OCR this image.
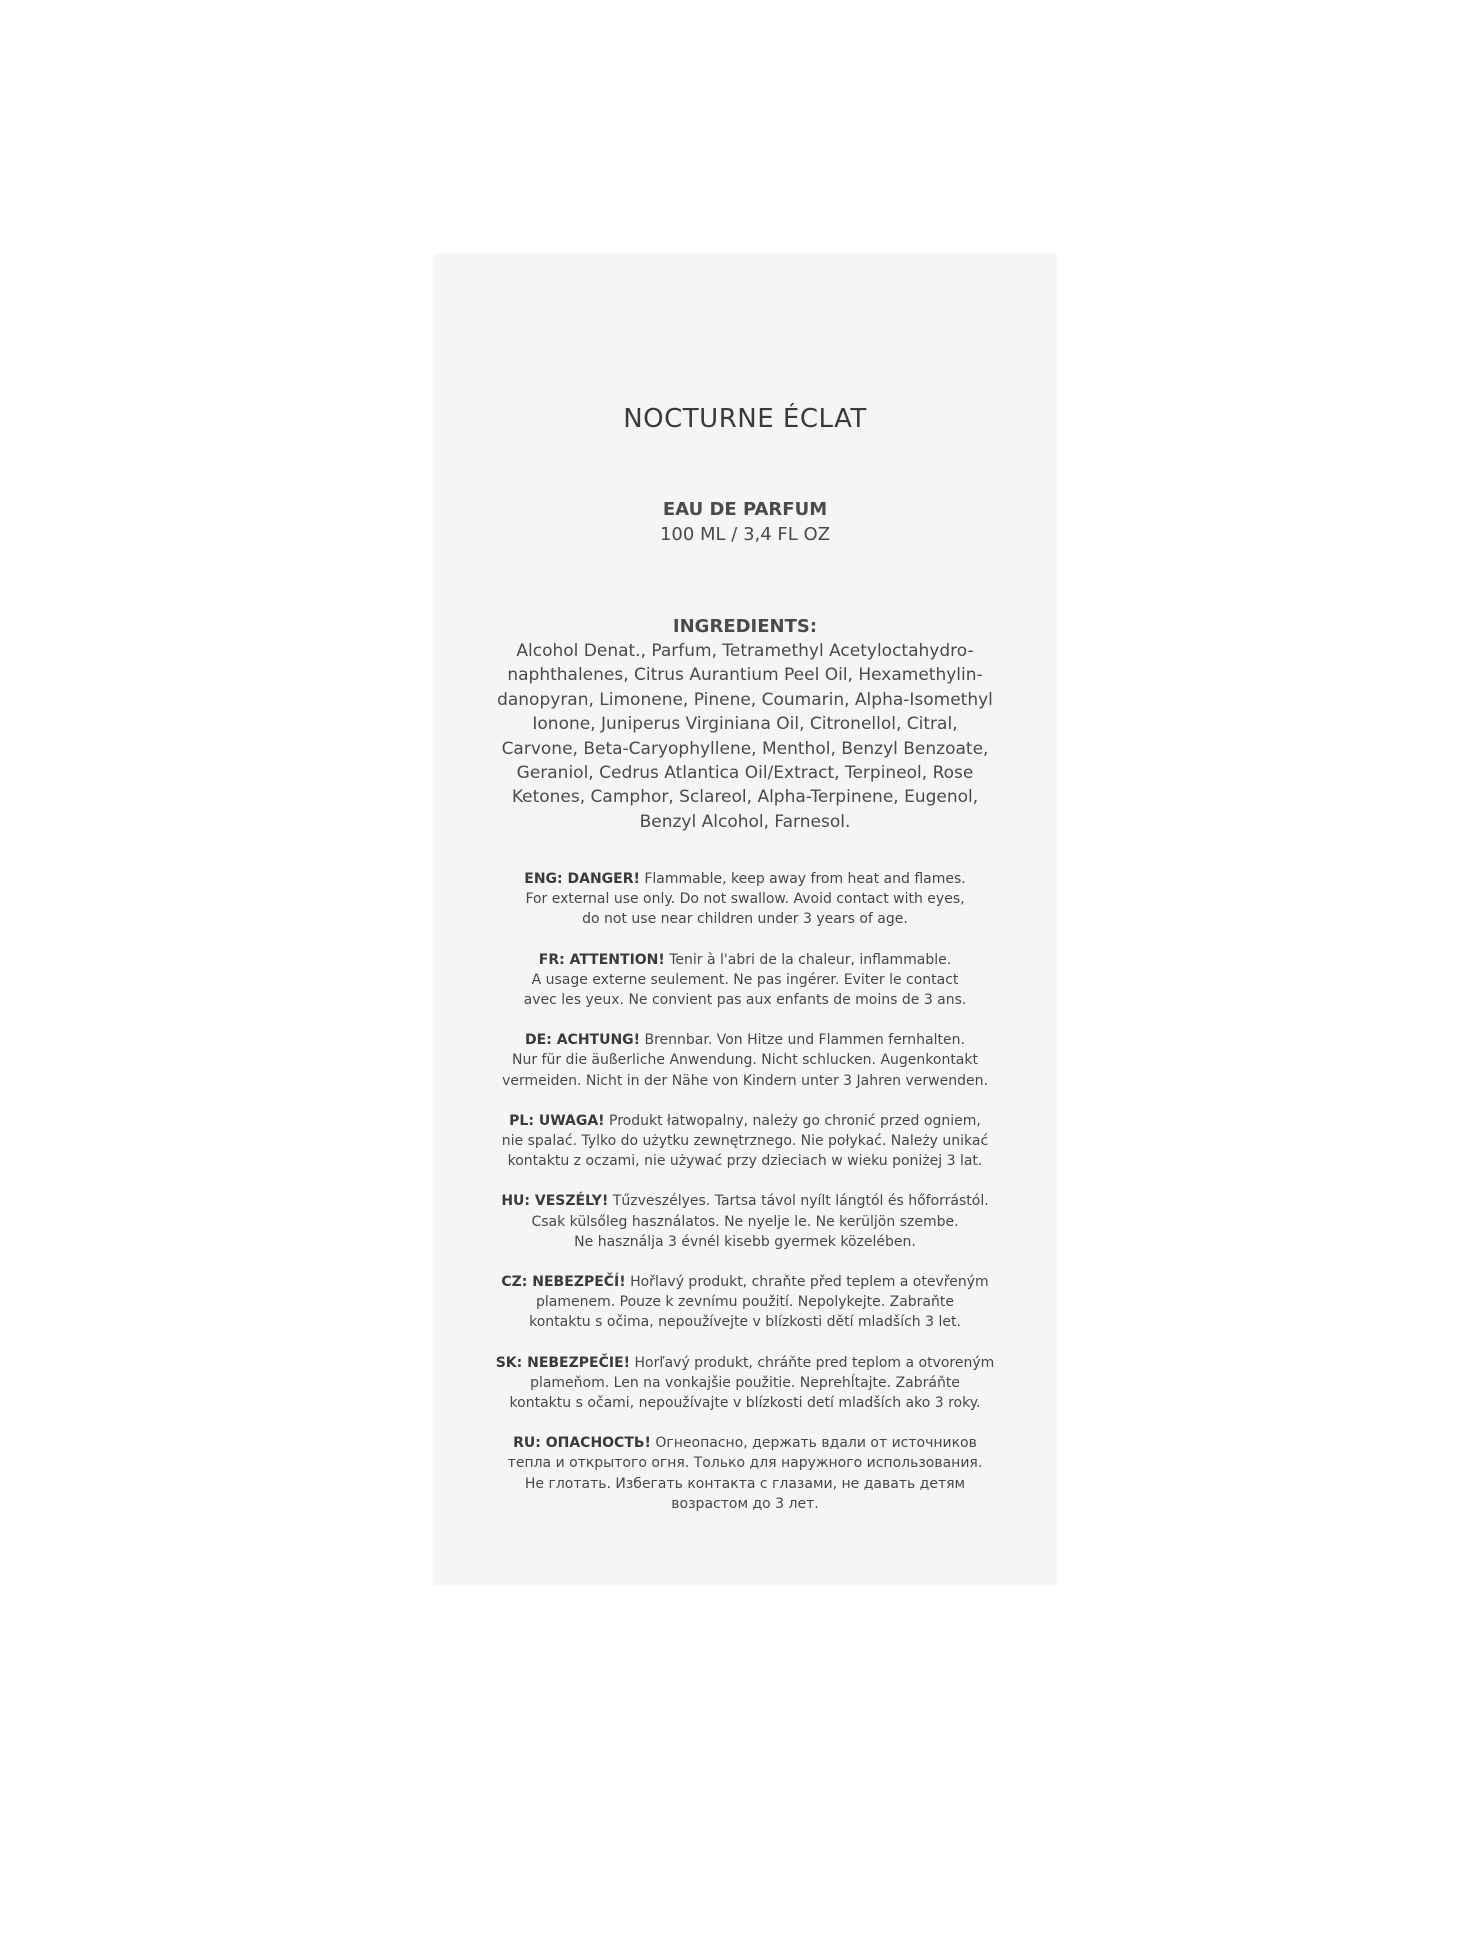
NOCTURNE ÉCLAT
EAU DE PARFUM
100 ML / 3,4 FL OZ
INGREDIENTS:
Alcohol Denat., Parfum, Tetramethyl Acetyloctahydro-
naphthalenes, Citrus Aurantium Peel Oil, Hexamethylin-
danopyran, Limonene, Pinene, Coumarin, Alpha-Isomethyl
Ionone, Juniperus Virginiana Oil, Citronellol, Citral,
Carvone, Beta-Caryophyllene, Menthol, Benzyl Benzoate,
Geraniol, Cedrus Atlantica Oil/Extract, Terpineol, Rose
Ketones, Camphor, Sclareol, Alpha-Terpinene, Eugenol,
Benzyl Alcohol, Farnesol.
ENG: DANGER! Flammable, keep away from heat and flames.
For external use only. Do not swallow. Avoid contact with eyes,
do not use near children under 3 years of age.
FR: ATTENTION! Tenir à l'abri de la chaleur, inflammable.
A usage externe seulement. Ne pas ingérer. Eviter le contact
avec les yeux. Ne convient pas aux enfants de moins de 3 ans.
DE: ACHTUNG! Brennbar. Von Hitze und Flammen fernhalten.
Nur für die äußerliche Anwendung. Nicht schlucken. Augenkontakt
vermeiden. Nicht in der Nähe von Kindern unter 3 Jahren verwenden.
PL: UWAGA! Produkt łatwopalny, należy go chronić przed ogniem,
nie spalać. Tylko do użytku zewnętrznego. Nie połykać. Należy unikać
kontaktu z oczami, nie używać przy dzieciach w wieku poniżej 3 lat.
HU: VESZÉLY! Tűzveszélyes. Tartsa távol nyílt lángtól és hőforrástól.
Csak külsőleg használatos. Ne nyelje le. Ne kerüljön szembe.
Ne használja 3 évnél kisebb gyermek közelében.
CZ: NEBEZPEČÍ! Hořlavý produkt, chraňte před teplem a otevřeným
plamenem. Pouze k zevnímu použití. Nepolykejte. Zabraňte
kontaktu s očima, nepoužívejte v blízkosti dětí mladších 3 let.
SK: NEBEZPEČIE! Horľavý produkt, chráňte pred teplom a otvoreným
plameňom. Len na vonkajšie použitie. Neprehĺtajte. Zabráňte
kontaktu s očami, nepoužívajte v blízkosti detí mladších ako 3 roky.
RU: ОПАСНОСТЬ! Огнеопасно, держать вдали от источников
тепла и открытого огня. Только для наружного использования.
Не глотать. Избегать контакта с глазами, не давать детям
возрастом до 3 лет.
